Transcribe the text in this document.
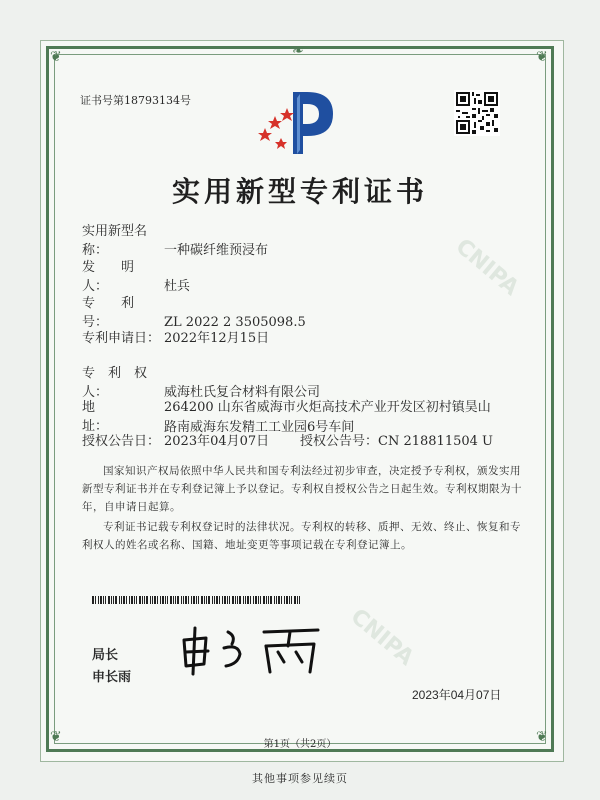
❦	❦
❦	❦
❧
CNIPA
CNIPA
证书号第18793134号
实用新型专利证书
实用新型名称：	一种碳纤维预浸布
发　　明　人：	杜兵
专　　利　号：	ZL 2022 2 3505098.5
专利申请日： 2022年12月15日
专　利　权　人：	威海杜氏复合材料有限公司
地　　　　址：
264200 山东省威海市火炬高技术产业开发区初村镇昊山
路南威海东发精工工业园6号车间
授权公告日： 2023年04月07日 授权公告号：CN 218811504 U
国家知识产权局依照中华人民共和国专利法经过初步审查，决定授予专利权，颁发实用新型专利证书并在专利登记簿上予以登记。专利权自授权公告之日起生效。专利权期限为十年，自申请日起算。
专利证书记载专利权登记时的法律状况。专利权的转移、质押、无效、终止、恢复和专利权人的姓名或名称、国籍、地址变更等事项记载在专利登记簿上。
局长
申长雨
2023年04月07日
第1页（共2页）
其他事项参见续页
